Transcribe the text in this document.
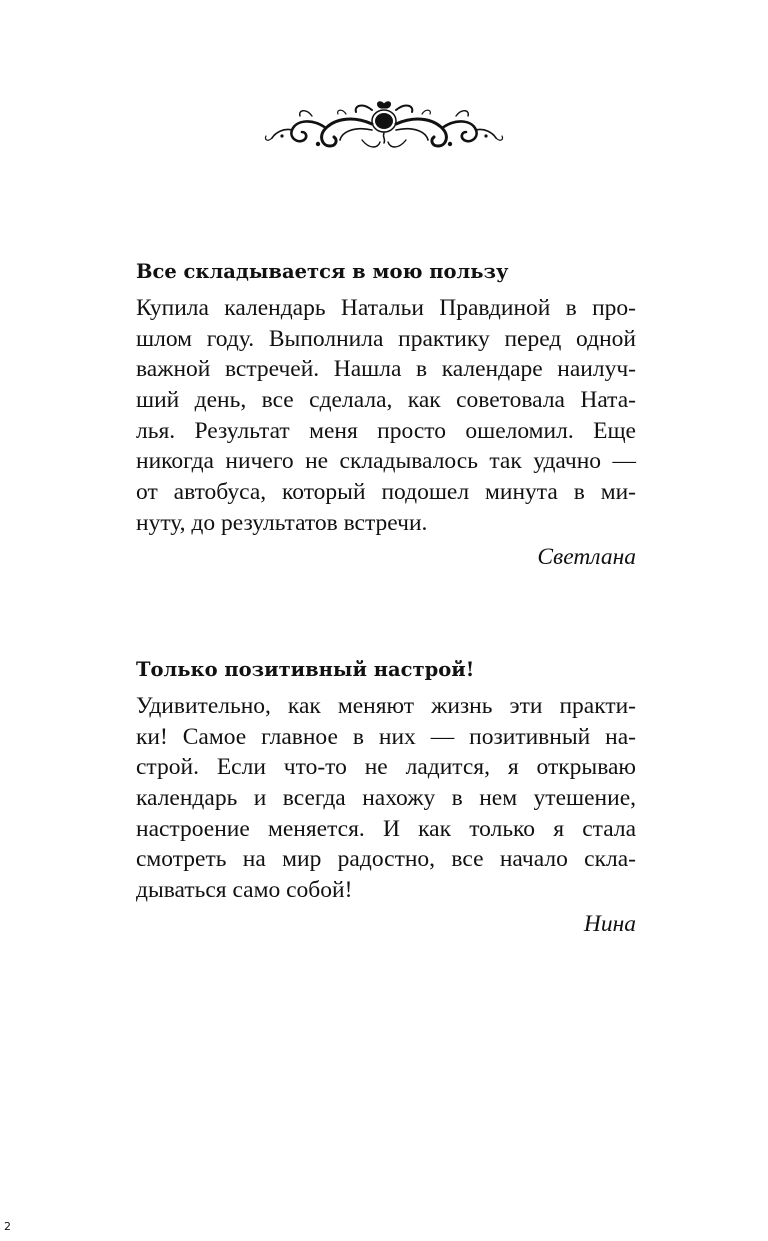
Все складывается в мою пользу

Купила календарь Натальи Правдиной в про-
шлом году. Выполнила практику перед одной
важной встречей. Нашла в календаре наилуч-
ший день, все сделала, как советовала Ната-
лья. Результат меня просто ошеломил. Еще
никогда ничего не складывалось так удачно —
от автобуса, который подошел минута в ми-
нуту, до результатов встречи.

Светлана
Только позитивный настрой!

Удивительно, как меняют жизнь эти практи-
ки! Самое главное в них — позитивный на-
строй. Если что-то не ладится, я открываю
календарь и всегда нахожу в нем утешение,
настроение меняется. И как только я стала
смотреть на мир радостно, все начало скла-
дываться само собой!

Нина
2
